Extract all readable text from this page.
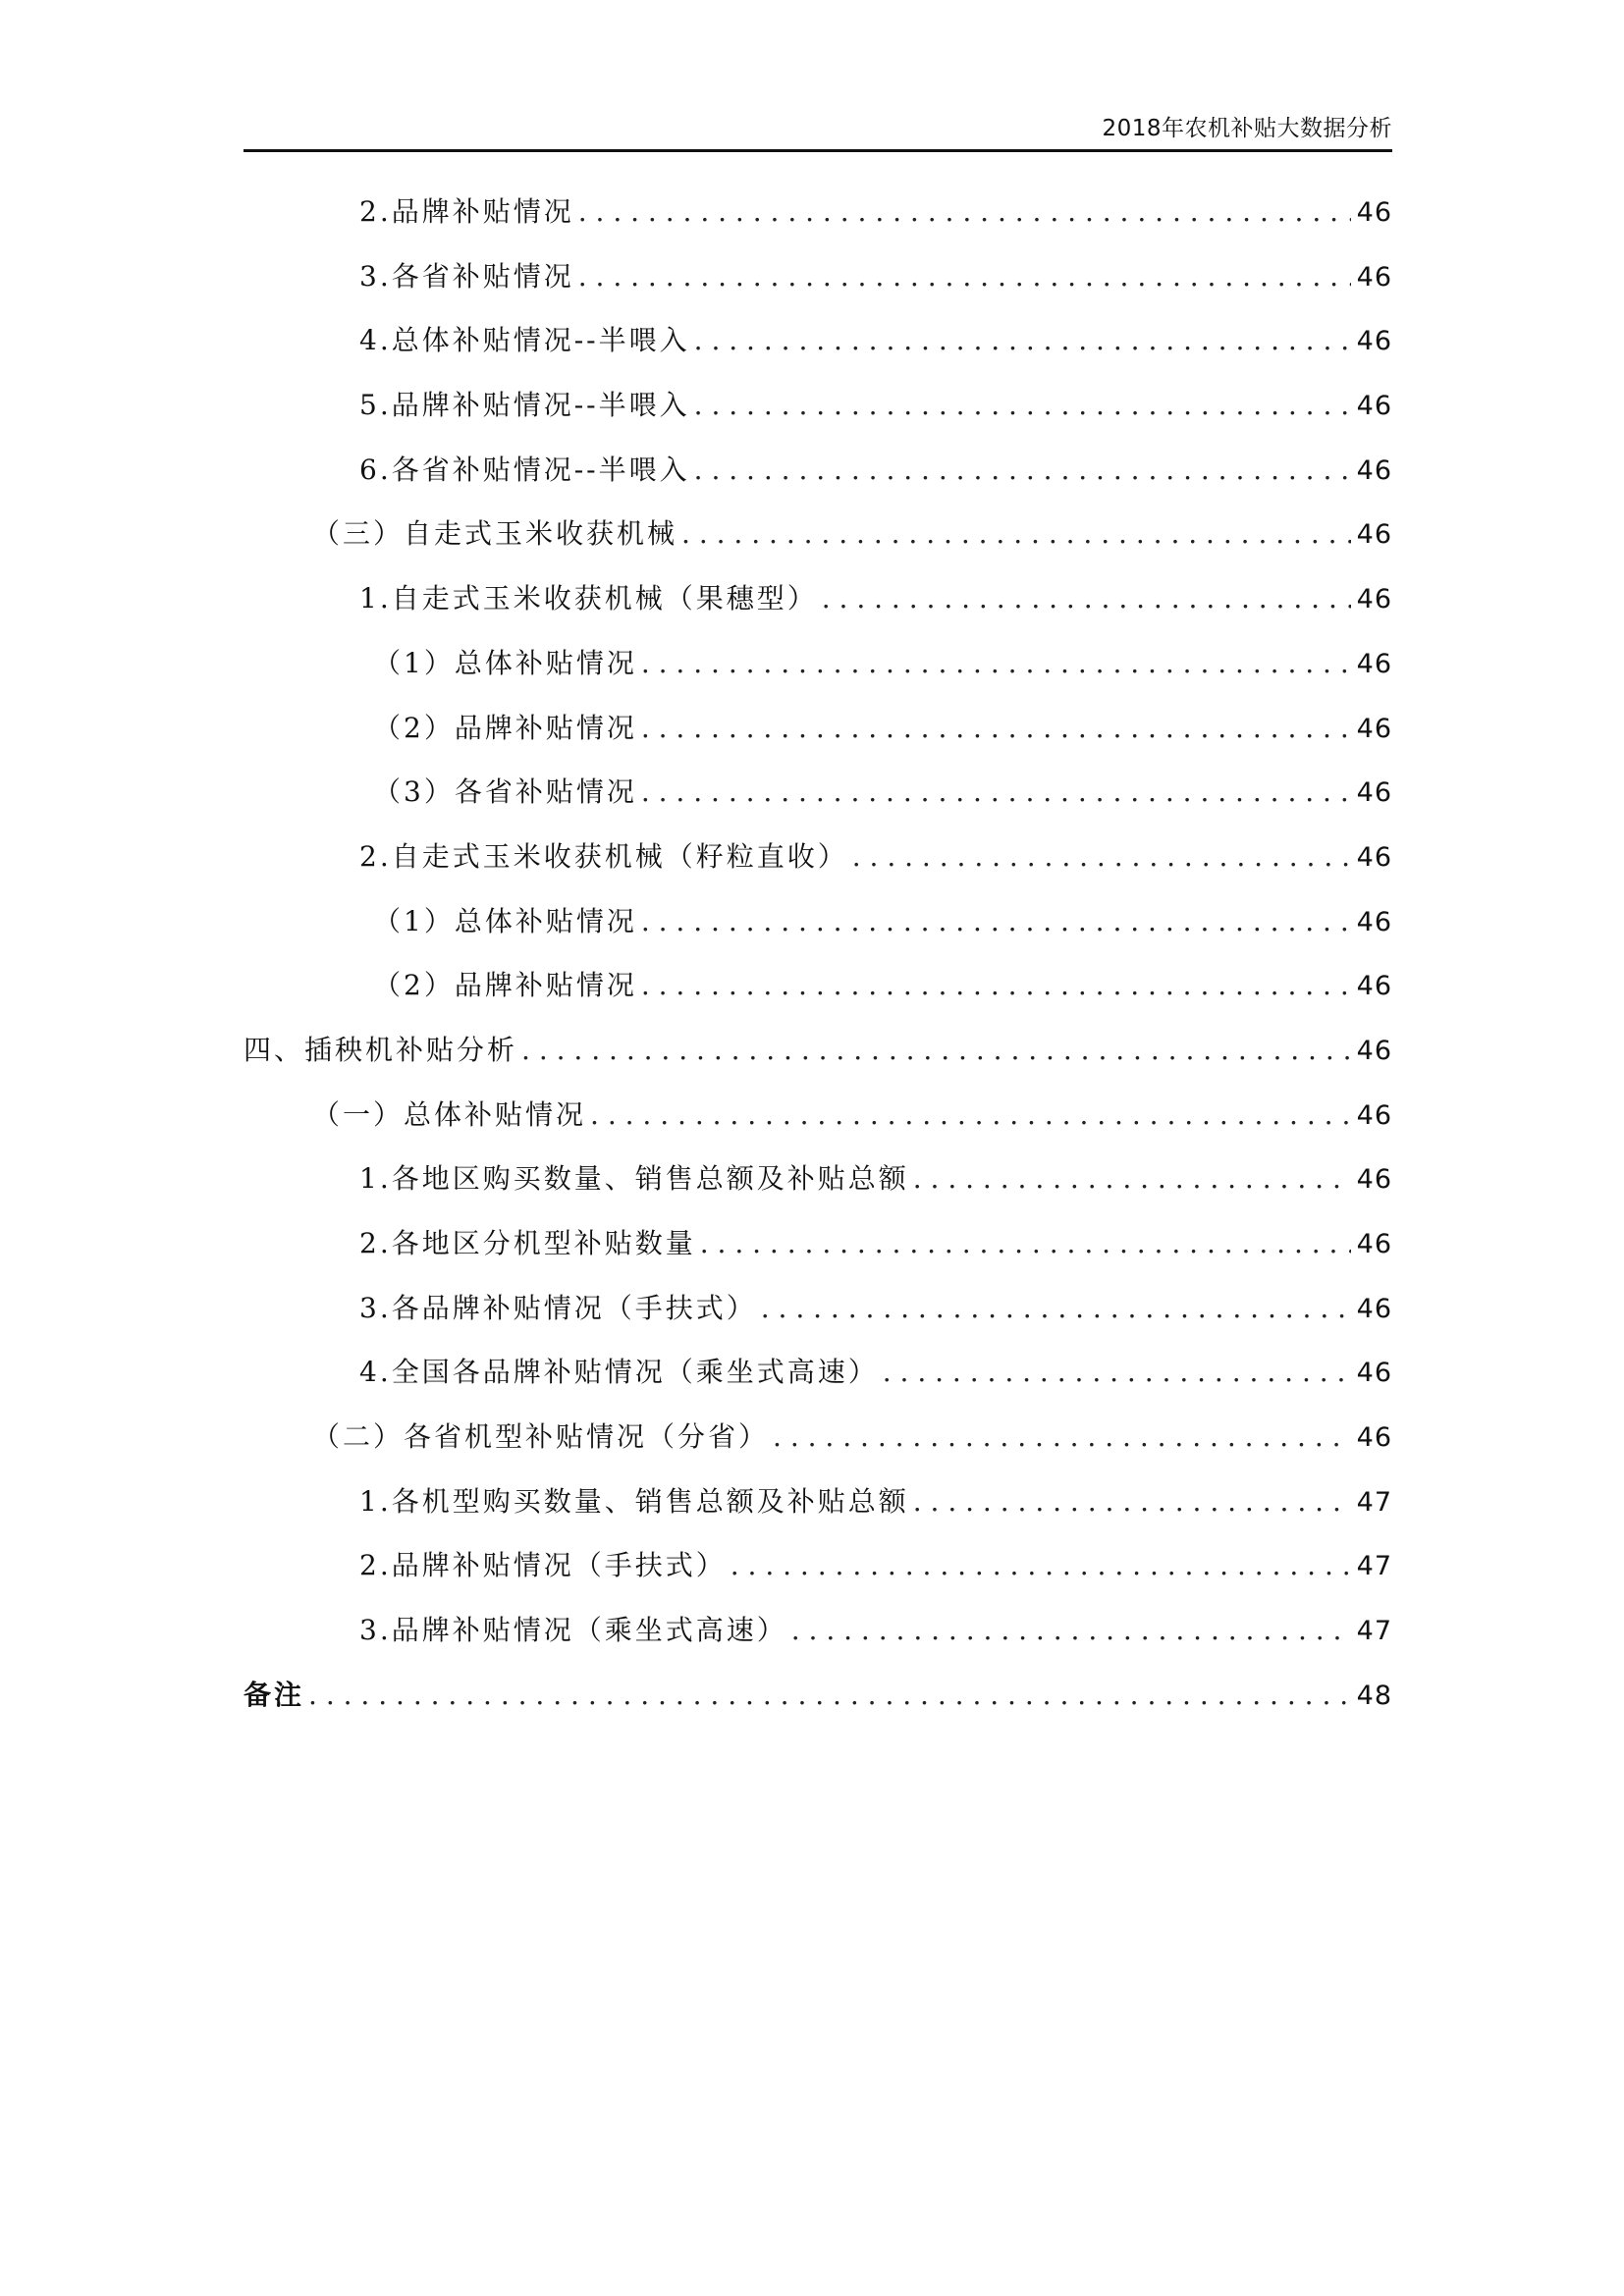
2018年农机补贴大数据分析
2.品牌补贴情况 . . .	46
3.各省补贴情况 . . .	46
4.总体补贴情况--半喂入 . . .	46
5.品牌补贴情况--半喂入 . . .	46
6.各省补贴情况--半喂入 . . .	46
（三）自走式玉米收获机械 . . .	46
1.自走式玉米收获机械（果穗型） . . .	46
（1）总体补贴情况 . . .	46
（2）品牌补贴情况 . . .	46
（3）各省补贴情况 . . .	46
2.自走式玉米收获机械（籽粒直收） . . .	46
（1）总体补贴情况 . . .	46
（2）品牌补贴情况 . . .	46
四、插秧机补贴分析 . . .	46
（一）总体补贴情况 . . .	46
1.各地区购买数量、销售总额及补贴总额 . . .	46
2.各地区分机型补贴数量 . . .	46
3.各品牌补贴情况（手扶式） . . .	46
4.全国各品牌补贴情况（乘坐式高速） . . .	46
（二）各省机型补贴情况（分省） . . .	46
1.各机型购买数量、销售总额及补贴总额 . . .	47
2.品牌补贴情况（手扶式） . . .	47
3.品牌补贴情况（乘坐式高速） . . .	47
备注 . . .	48
